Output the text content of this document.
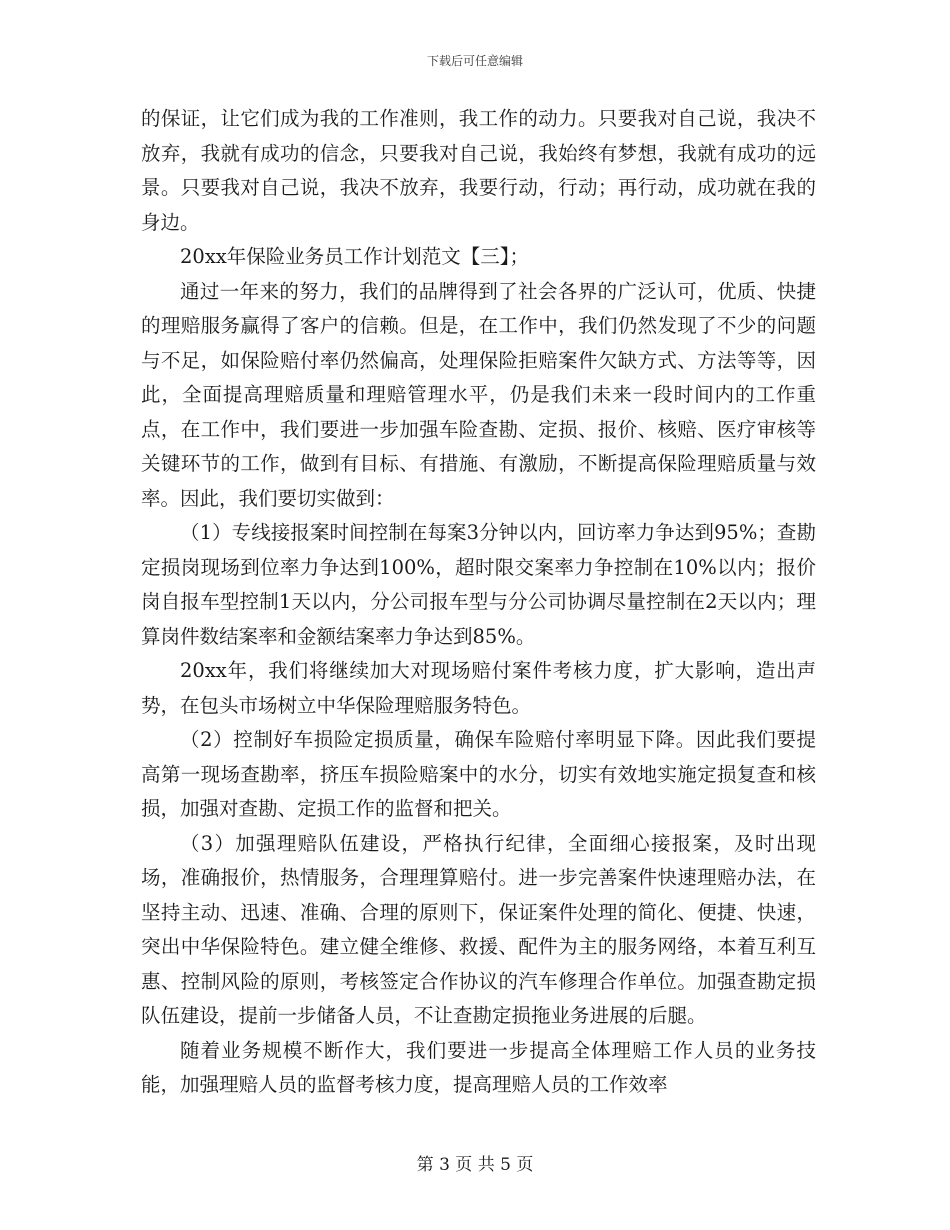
下载后可任意编辑

的保证，让它们成为我的工作准则，我工作的动力。只要我对自己说，我决不放弃，我就有成功的信念，只要我对自己说，我始终有梦想，我就有成功的远景。只要我对自己说，我决不放弃，我要行动，行动；再行动，成功就在我的身边。

20xx年保险业务员工作计划范文【三】；

通过一年来的努力，我们的品牌得到了社会各界的广泛认可，优质、快捷的理赔服务赢得了客户的信赖。但是，在工作中，我们仍然发现了不少的问题与不足，如保险赔付率仍然偏高，处理保险拒赔案件欠缺方式、方法等等，因此，全面提高理赔质量和理赔管理水平，仍是我们未来一段时间内的工作重点，在工作中，我们要进一步加强车险查勘、定损、报价、核赔、医疗审核等关键环节的工作，做到有目标、有措施、有激励，不断提高保险理赔质量与效率。因此，我们要切实做到：

（1）专线接报案时间控制在每案3分钟以内，回访率力争达到95%；查勘定损岗现场到位率力争达到100%，超时限交案率力争控制在10%以内；报价岗自报车型控制1天以内，分公司报车型与分公司协调尽量控制在2天以内；理算岗件数结案率和金额结案率力争达到85%。

20xx年，我们将继续加大对现场赔付案件考核力度，扩大影响，造出声势，在包头市场树立中华保险理赔服务特色。

（2）控制好车损险定损质量，确保车险赔付率明显下降。因此我们要提高第一现场查勘率，挤压车损险赔案中的水分，切实有效地实施定损复查和核损，加强对查勘、定损工作的监督和把关。

（3）加强理赔队伍建设，严格执行纪律，全面细心接报案，及时出现场，准确报价，热情服务，合理理算赔付。进一步完善案件快速理赔办法，在坚持主动、迅速、准确、合理的原则下，保证案件处理的简化、便捷、快速，突出中华保险特色。建立健全维修、救援、配件为主的服务网络，本着互利互惠、控制风险的原则，考核签定合作协议的汽车修理合作单位。加强查勘定损队伍建设，提前一步储备人员，不让查勘定损拖业务进展的后腿。

随着业务规模不断作大，我们要进一步提高全体理赔工作人员的业务技能，加强理赔人员的监督考核力度，提高理赔人员的工作效率

第 3 页 共 5 页
